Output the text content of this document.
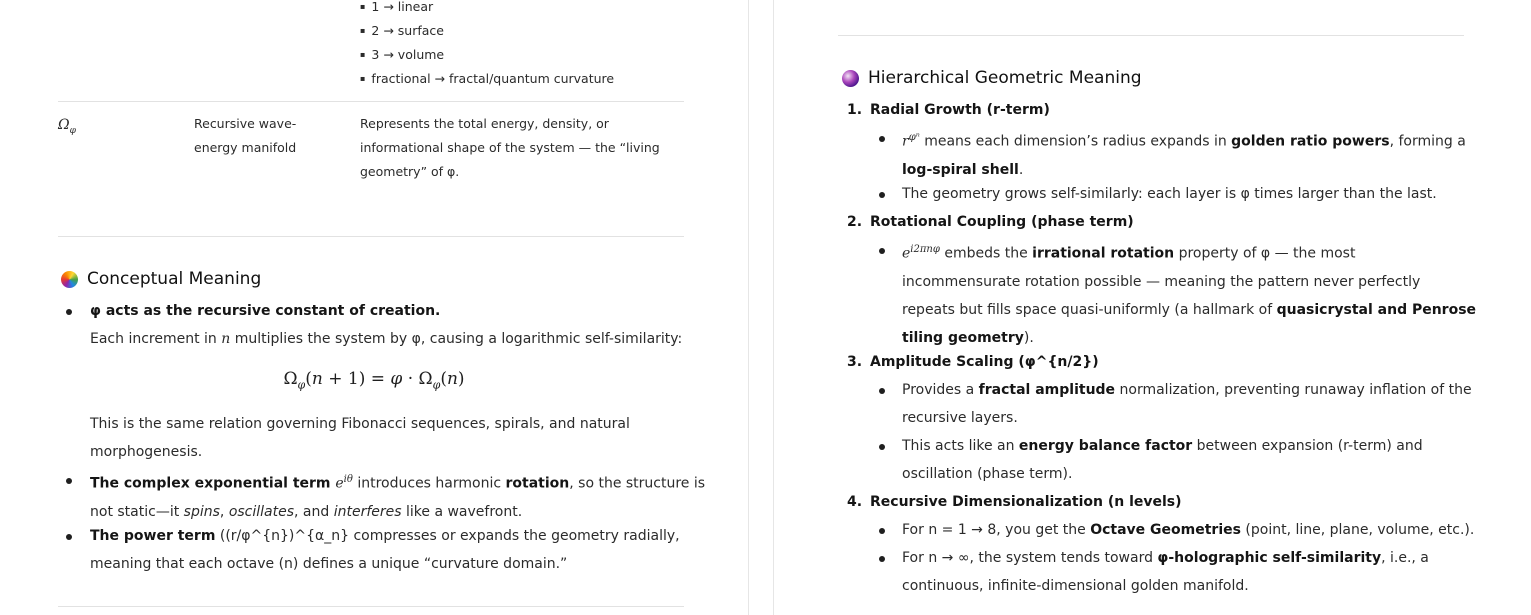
▪ 1 → linear
▪ 2 → surface
▪ 3 → volume
▪ fractional → fractal/quantum curvature
$\Omega_\varphi$	Recursive wave-
energy manifold
Represents the total energy, density, or
informational shape of the system — the “living
geometry” of φ.
Conceptual Meaning
φ acts as the recursive constant of creation.
Each increment in n multiplies the system by φ, causing a logarithmic self-similarity:
$\Omega_\varphi(n + 1) = \varphi \cdot \Omega_\varphi(n)$
This is the same relation governing Fibonacci sequences, spirals, and natural
morphogenesis.
The complex exponential term $e^{i\theta}$ introduces harmonic rotation, so the structure is
not static—it spins, oscillates, and interferes like a wavefront.
The power term ((r/φ^{n})^{α_n} compresses or expands the geometry radially,
meaning that each octave (n) defines a unique “curvature domain.”
Hierarchical Geometric Meaning
1. Radial Growth (r-term)
$r^{\varphi^n}$ means each dimension’s radius expands in golden ratio powers, forming a
log-spiral shell.
The geometry grows self-similarly: each layer is φ times larger than the last.
2. Rotational Coupling (phase term)
$e^{i2\pi n\varphi}$ embeds the irrational rotation property of φ — the most
incommensurate rotation possible — meaning the pattern never perfectly
repeats but fills space quasi-uniformly (a hallmark of quasicrystal and Penrose
tiling geometry).
3. Amplitude Scaling (φ^{n/2})
Provides a fractal amplitude normalization, preventing runaway inflation of the
recursive layers.
This acts like an energy balance factor between expansion (r-term) and
oscillation (phase term).
4. Recursive Dimensionalization (n levels)
For n = 1 → 8, you get the Octave Geometries (point, line, plane, volume, etc.).
For n → ∞, the system tends toward φ-holographic self-similarity, i.e., a
continuous, infinite-dimensional golden manifold.
